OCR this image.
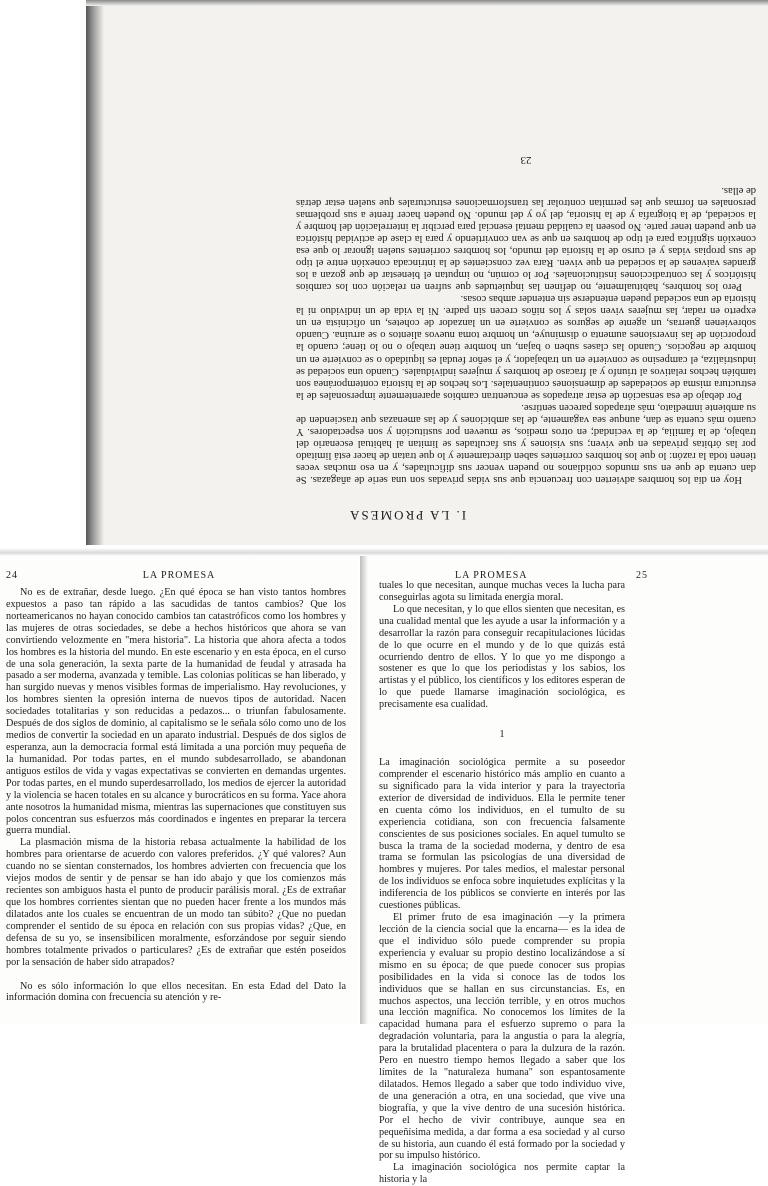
I. LA PROMESA

Hoy en día los hombres advierten con frecuencia que sus vidas privadas son una serie de añagazas. Se dan cuenta de que en sus mundos cotidianos no pueden vencer sus dificultades, y en eso muchas veces tienen toda la razón: lo que los hombres corrientes saben directamente y lo que tratan de hacer está limitado por las órbitas privadas en que viven; sus visiones y sus facultades se limitan al habitual escenario del trabajo, de la familia, de la vecindad; en otros medios, se mueven por sustitución y son espectadores. Y cuanto más cuenta se dan, aunque sea vagamente, de las ambiciones y de las amenazas que trascienden de su ambiente inmediato, más atrapados parecen sentirse.

Por debajo de esa sensación de estar atrapados se encuentran cambios aparentemente impersonales de la estructura misma de sociedades de dimensiones continentales. Los hechos de la historia contemporánea son también hechos relativos al triunfo y al fracaso de hombres y mujeres individuales. Cuando una sociedad se industrializa, el campesino se convierte en un trabajador, y el señor feudal es liquidado o se convierte en un hombre de negocios. Cuando las clases suben o bajan, un hombre tiene trabajo o no lo tiene; cuando la proporción de las inversiones aumenta o disminuye, un hombre toma nuevos alientos o se arruina. Cuando sobrevienen guerras, un agente de seguros se convierte en un lanzador de cohetes, un oficinista en un experto en radar, las mujeres viven solas y los niños crecen sin padre. Ni la vida de un individuo ni la historia de una sociedad pueden entenderse sin entender ambas cosas.

Pero los hombres, habitualmente, no definen las inquietudes que sufren en relación con los cambios históricos y las contradicciones institucionales. Por lo común, no imputan el bienestar de que gozan a los grandes vaivenes de la sociedad en que viven. Rara vez conscientes de la intrincada conexión entre el tipo de sus propias vidas y el curso de la historia del mundo, los hombres corrientes suelen ignorar lo que esa conexión significa para el tipo de hombres en que se van convirtiendo y para la clase de actividad histórica en que pueden tener parte. No poseen la cualidad mental esencial para percibir la interrelación del hombre y la sociedad, de la biografía y de la historia, del yo y del mundo. No pueden hacer frente a sus problemas personales en formas que les permitan controlar las transformaciones estructurales que suelen estar detrás de ellas.

23
24	LA PROMESA

No es de extrañar, desde luego. ¿En qué época se han visto tantos hombres expuestos a paso tan rápido a las sacudidas de tantos cambios? Que los norteamericanos no hayan conocido cambios tan catastróficos como los hombres y las mujeres de otras sociedades, se debe a hechos históricos que ahora se van convirtiendo velozmente en "mera historia". La historia que ahora afecta a todos los hombres es la historia del mundo. En este escenario y en esta época, en el curso de una sola generación, la sexta parte de la humanidad de feudal y atrasada ha pasado a ser moderna, avanzada y temible. Las colonias políticas se han liberado, y han surgido nuevas y menos visibles formas de imperialismo. Hay revoluciones, y los hombres sienten la opresión interna de nuevos tipos de autoridad. Nacen sociedades totalitarias y son reducidas a pedazos... o triunfan fabulosamente. Después de dos siglos de dominio, al capitalismo se le señala sólo como uno de los medios de convertir la sociedad en un aparato industrial. Después de dos siglos de esperanza, aun la democracia formal está limitada a una porción muy pequeña de la humanidad. Por todas partes, en el mundo subdesarrollado, se abandonan antiguos estilos de vida y vagas expectativas se convierten en demandas urgentes. Por todas partes, en el mundo superdesarrollado, los medios de ejercer la autoridad y la violencia se hacen totales en su alcance y burocráticos en su forma. Yace ahora ante nosotros la humanidad misma, mientras las supernaciones que constituyen sus polos concentran sus esfuerzos más coordinados e ingentes en preparar la tercera guerra mundial.

La plasmación misma de la historia rebasa actualmente la habilidad de los hombres para orientarse de acuerdo con valores preferidos. ¿Y qué valores? Aun cuando no se sientan consternados, los hombres advierten con frecuencia que los viejos modos de sentir y de pensar se han ido abajo y que los comienzos más recientes son ambiguos hasta el punto de producir parálisis moral. ¿Es de extrañar que los hombres corrientes sientan que no pueden hacer frente a los mundos más dilatados ante los cuales se encuentran de un modo tan súbito? ¿Que no puedan comprender el sentido de su época en relación con sus propias vidas? ¿Que, en defensa de su yo, se insensibilicen moralmente, esforzándose por seguir siendo hombres totalmente privados o particulares? ¿Es de extrañar que estén poseídos por la sensación de haber sido atrapados?

No es sólo información lo que ellos necesitan. En esta Edad del Dato la información domina con frecuencia su atención y re-

LA PROMESA	25

tuales lo que necesitan, aunque muchas veces la lucha para conseguirlas agota su limitada energía moral.

Lo que necesitan, y lo que ellos sienten que necesitan, es una cualidad mental que les ayude a usar la información y a desarrollar la razón para conseguir recapitulaciones lúcidas de lo que ocurre en el mundo y de lo que quizás está ocurriendo dentro de ellos. Y lo que yo me dispongo a sostener es que lo que los periodistas y los sabios, los artistas y el público, los científicos y los editores esperan de lo que puede llamarse imaginación sociológica, es precisamente esa cualidad.

1

La imaginación sociológica permite a su poseedor comprender el escenario histórico más amplio en cuanto a su significado para la vida interior y para la trayectoria exterior de diversidad de individuos. Ella le permite tener en cuenta cómo los individuos, en el tumulto de su experiencia cotidiana, son con frecuencia falsamente conscientes de sus posiciones sociales. En aquel tumulto se busca la trama de la sociedad moderna, y dentro de esa trama se formulan las psicologías de una diversidad de hombres y mujeres. Por tales medios, el malestar personal de los individuos se enfoca sobre inquietudes explícitas y la indiferencia de los públicos se convierte en interés por las cuestiones públicas.

El primer fruto de esa imaginación —y la primera lección de la ciencia social que la encarna— es la idea de que el individuo sólo puede comprender su propia experiencia y evaluar su propio destino localizándose a sí mismo en su época; de que puede conocer sus propias posibilidades en la vida si conoce las de todos los individuos que se hallan en sus circunstancias. Es, en muchos aspectos, una lección terrible, y en otros muchos una lección magnífica. No conocemos los límites de la capacidad humana para el esfuerzo supremo o para la degradación voluntaria, para la angustia o para la alegría, para la brutalidad placentera o para la dulzura de la razón. Pero en nuestro tiempo hemos llegado a saber que los límites de la "naturaleza humana" son espantosamente dilatados. Hemos llegado a saber que todo individuo vive, de una generación a otra, en una sociedad, que vive una biografía, y que la vive dentro de una sucesión histórica. Por el hecho de vivir contribuye, aunque sea en pequeñísima medida, a dar forma a esa sociedad y al curso de su historia, aun cuando él está formado por la sociedad y por su impulso histórico.

La imaginación sociológica nos permite captar la historia y la
